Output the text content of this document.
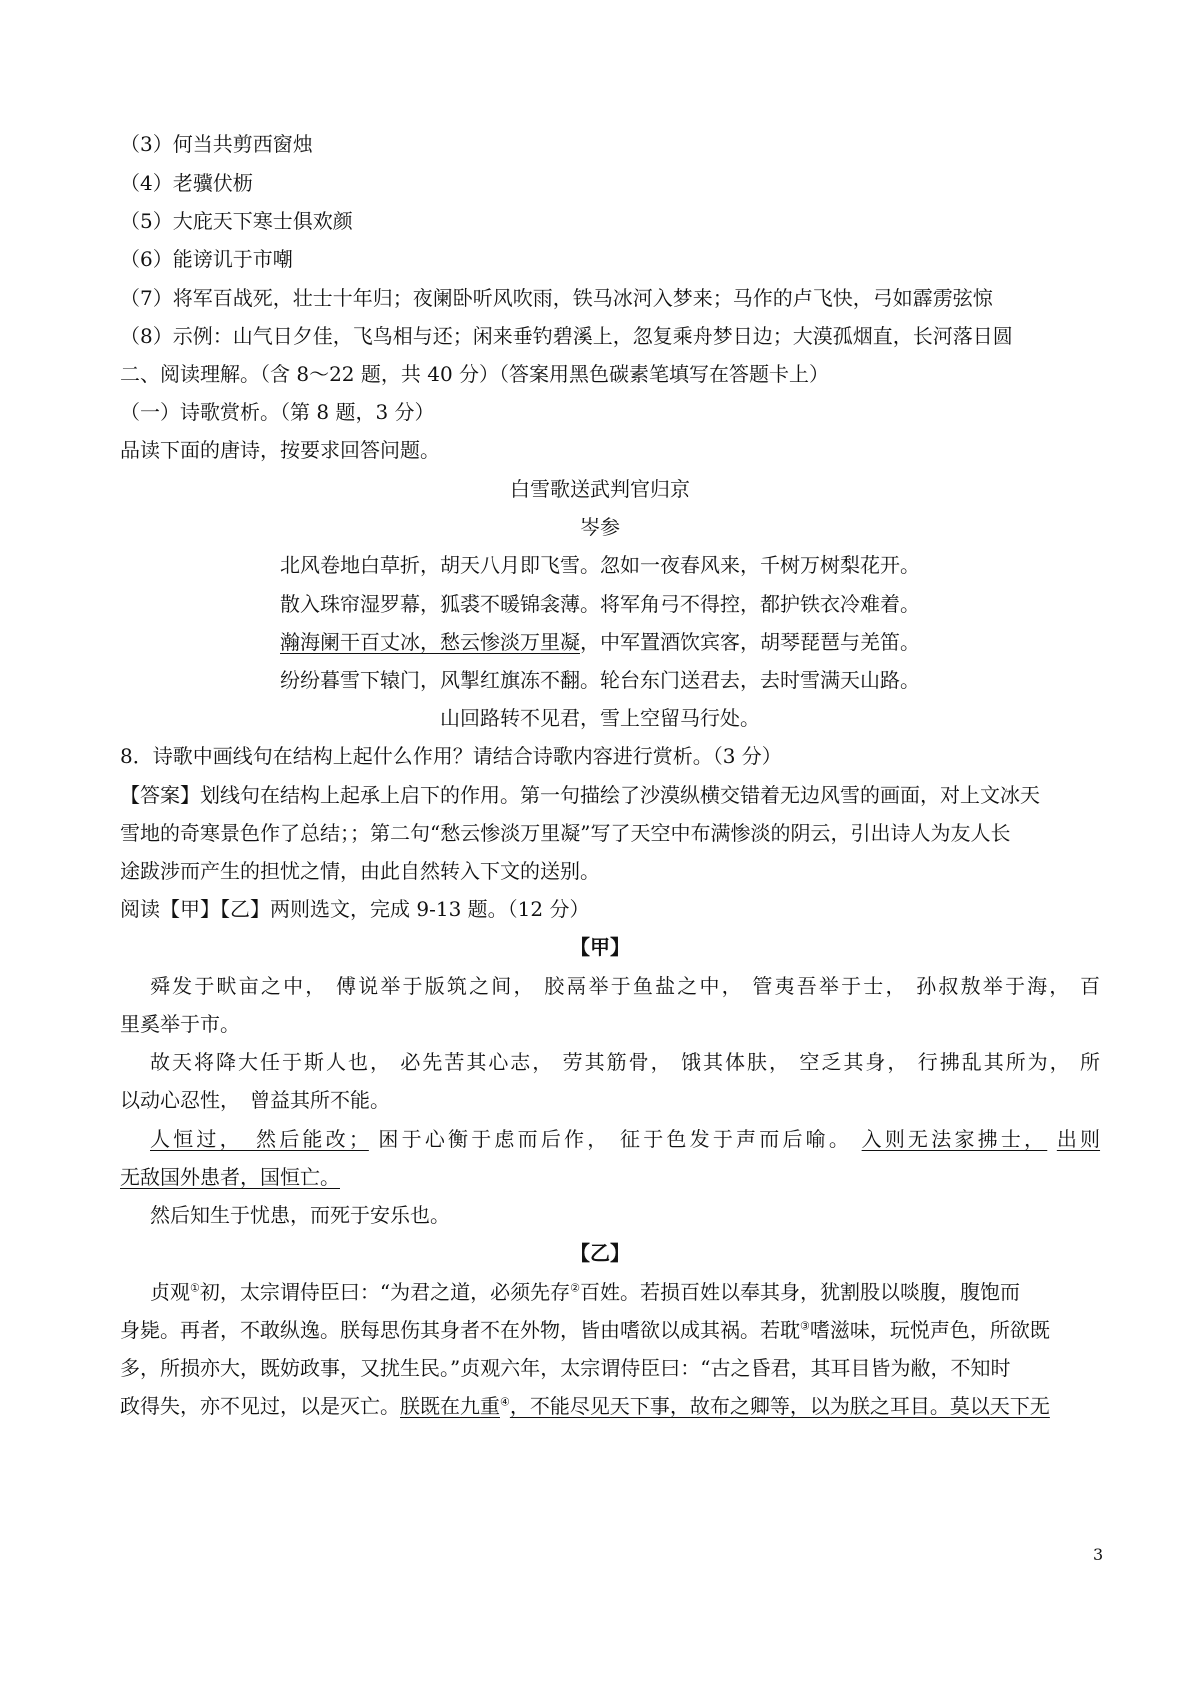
（3）何当共剪西窗烛
（4）老骥伏枥
（5）大庇天下寒士俱欢颜
（6）能谤讥于市嘲
（7）将军百战死，壮士十年归；夜阑卧听风吹雨，铁马冰河入梦来；马作的卢飞快，弓如霹雳弦惊
（8）示例：山气日夕佳，飞鸟相与还；闲来垂钓碧溪上，忽复乘舟梦日边；大漠孤烟直，长河落日圆
二、阅读理解。（含 8～22 题，共 40 分）（答案用黑色碳素笔填写在答题卡上）
（一）诗歌赏析。（第 8 题，3 分）
品读下面的唐诗，按要求回答问题。
白雪歌送武判官归京
岑参
北风卷地白草折，胡天八月即飞雪。忽如一夜春风来，千树万树梨花开。
散入珠帘湿罗幕，狐裘不暖锦衾薄。将军角弓不得控，都护铁衣冷难着。
瀚海阑干百丈冰，愁云惨淡万里凝，中军置酒饮宾客，胡琴琵琶与羌笛。
纷纷暮雪下辕门，风掣红旗冻不翻。轮台东门送君去，去时雪满天山路。
山回路转不见君，雪上空留马行处。
8．诗歌中画线句在结构上起什么作用？请结合诗歌内容进行赏析。（3 分）
【答案】划线句在结构上起承上启下的作用。第一句描绘了沙漠纵横交错着无边风雪的画面，对上文冰天
雪地的奇寒景色作了总结；；第二句“愁云惨淡万里凝”写了天空中布满惨淡的阴云，引出诗人为友人长
途跋涉而产生的担忧之情，由此自然转入下文的送别。
阅读【甲】【乙】两则选文，完成 9-13 题。（12 分）
【甲】
舜发于畎亩之中， 傅说举于版筑之间， 胶鬲举于鱼盐之中， 管夷吾举于士， 孙叔敖举于海， 百
里奚举于市。
故天将降大任于斯人也， 必先苦其心志， 劳其筋骨， 饿其体肤， 空乏其身， 行拂乱其所为， 所
以动心忍性，　曾益其所不能。
人恒过，　然后能改； 困于心衡于虑而后作， 征于色发于声而后喻。 入则无法家拂士， 出则
无敌国外患者，国恒亡。
然后知生于忧患，而死于安乐也。
【乙】
贞观①初，太宗谓侍臣曰：“为君之道，必须先存②百姓。若损百姓以奉其身，犹割股以啖腹，腹饱而
身毙。再者，不敢纵逸。朕每思伤其身者不在外物，皆由嗜欲以成其祸。若耽③嗜滋味，玩悦声色，所欲既
多，所损亦大，既妨政事，又扰生民。”贞观六年，太宗谓侍臣曰：“古之昏君，其耳目皆为敝，不知时
政得失，亦不见过，以是灭亡。朕既在九重④，不能尽见天下事，故布之卿等，以为朕之耳目。莫以天下无
3
